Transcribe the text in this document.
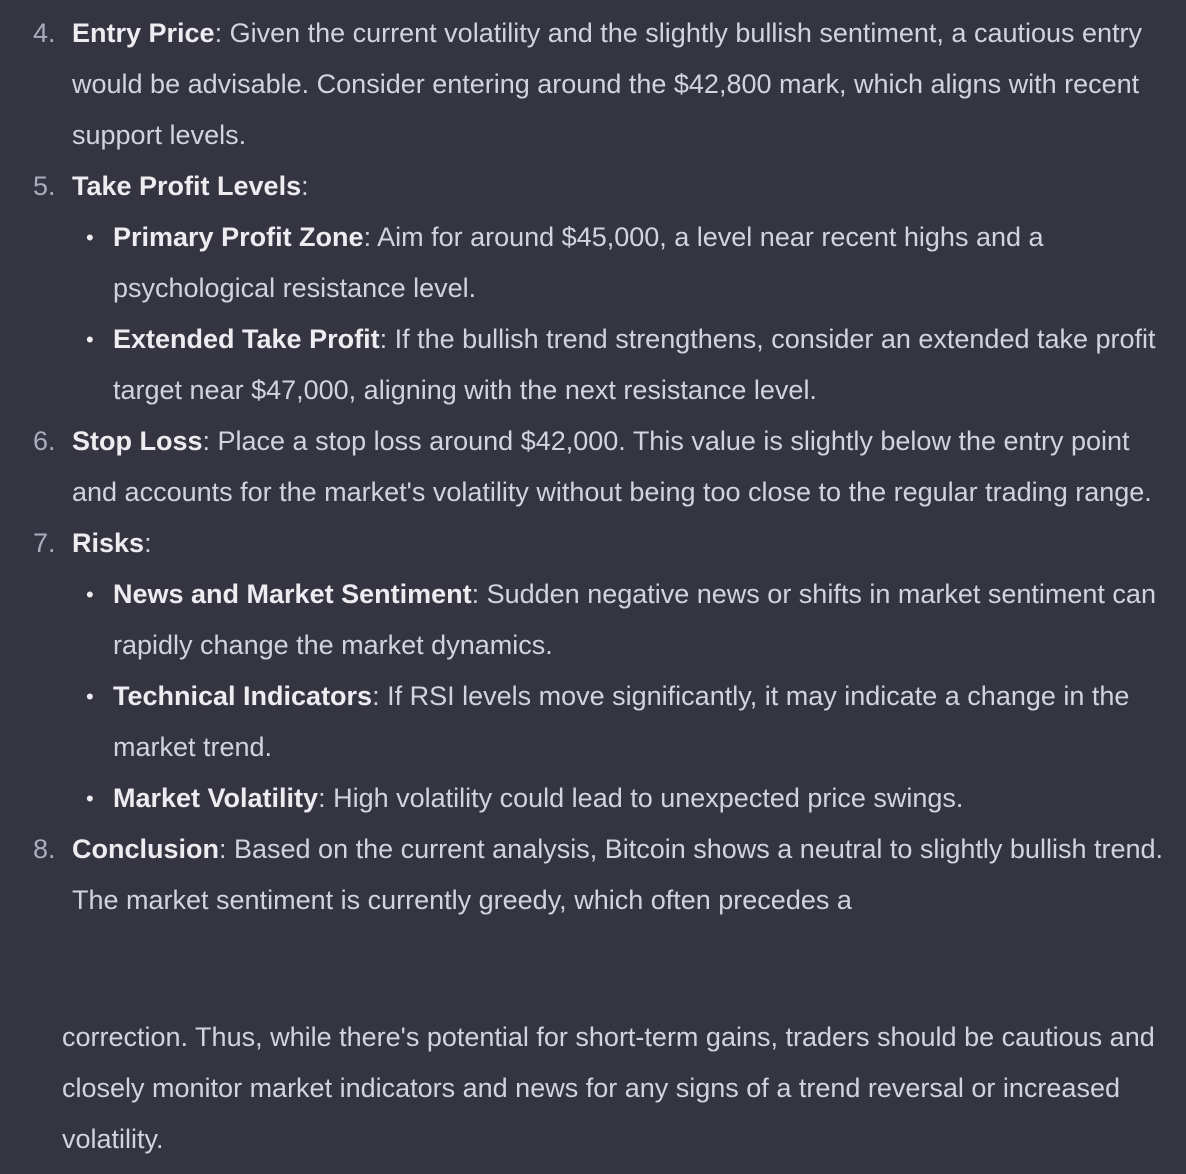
4. Entry Price: Given the current volatility and the slightly bullish sentiment, a cautious entry would be advisable. Consider entering around the $42,800 mark, which aligns with recent support levels.
5. Take Profit Levels:
• Primary Profit Zone: Aim for around $45,000, a level near recent highs and a psychological resistance level.
• Extended Take Profit: If the bullish trend strengthens, consider an extended take profit target near $47,000, aligning with the next resistance level.
6. Stop Loss: Place a stop loss around $42,000. This value is slightly below the entry point and accounts for the market's volatility without being too close to the regular trading range.
7. Risks:
• News and Market Sentiment: Sudden negative news or shifts in market sentiment can rapidly change the market dynamics.
• Technical Indicators: If RSI levels move significantly, it may indicate a change in the market trend.
• Market Volatility: High volatility could lead to unexpected price swings.
8. Conclusion: Based on the current analysis, Bitcoin shows a neutral to slightly bullish trend. The market sentiment is currently greedy, which often precedes a

correction. Thus, while there's potential for short-term gains, traders should be cautious and closely monitor market indicators and news for any signs of a trend reversal or increased volatility.
